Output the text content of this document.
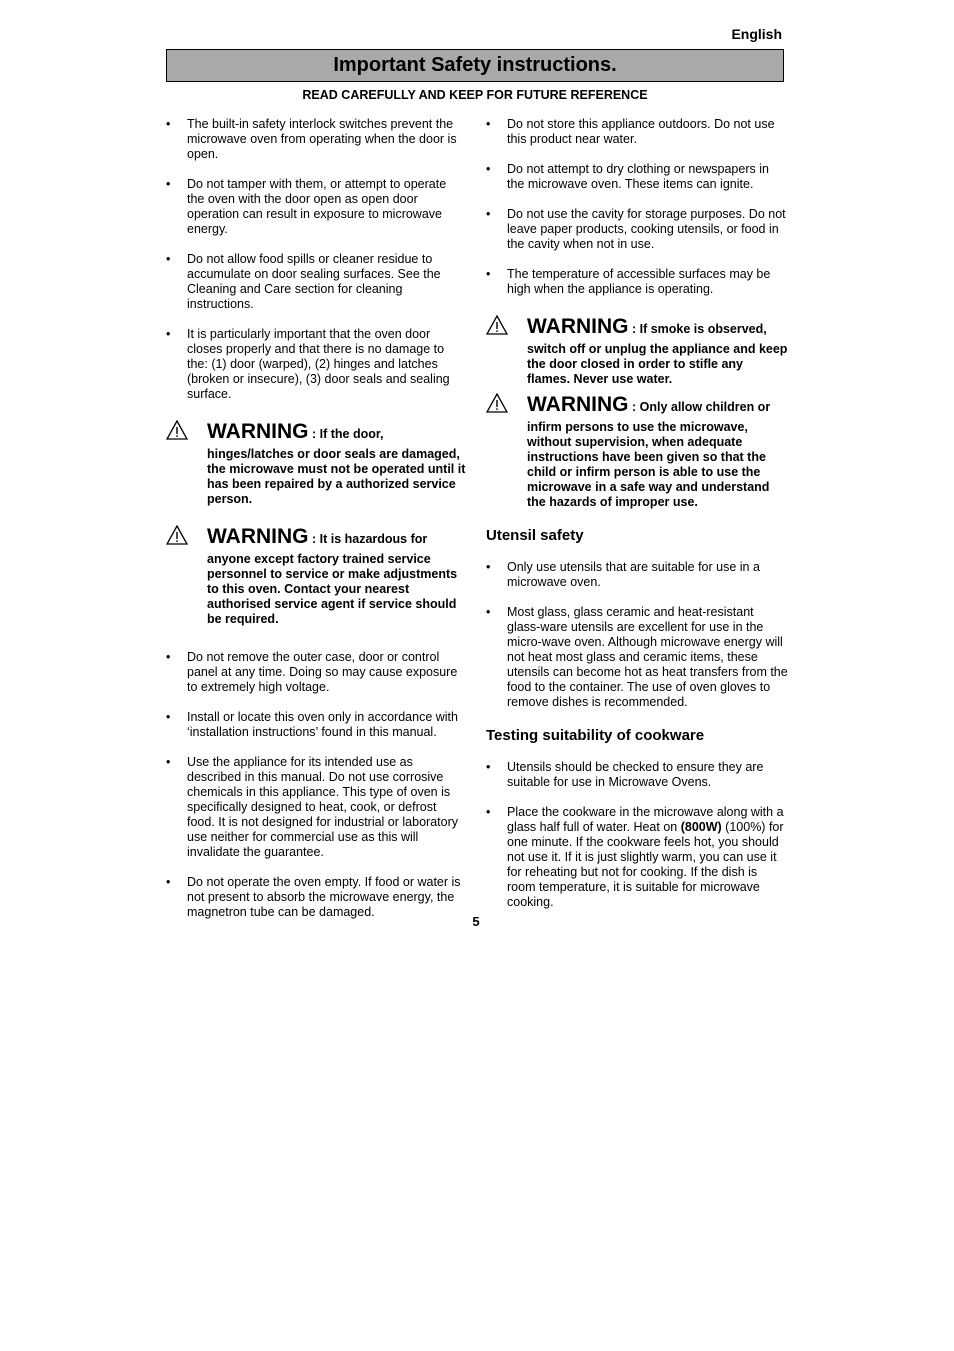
English
Important Safety instructions.
READ CAREFULLY AND KEEP FOR FUTURE REFERENCE
• The built-in safety interlock switches prevent the microwave oven from operating when the door is open.
• Do not tamper with them, or attempt to operate the oven with the door open as open door operation can result in exposure to microwave energy.
• Do not allow food spills or cleaner residue to accumulate on door sealing surfaces. See the Cleaning and Care section for cleaning instructions.
• It is particularly important that the oven door closes properly and that there is no damage to the: (1) door (warped), (2) hinges and latches (broken or insecure), (3) door seals and sealing surface.
WARNING : If the door,
hinges/latches or door seals are damaged, the microwave must not be operated until it has been repaired by a authorized service person.
WARNING : It is hazardous for
anyone except factory trained service personnel to service or make adjustments to this oven. Contact your nearest authorised service agent if service should be required.
• Do not remove the outer case, door or control panel at any time. Doing so may cause exposure to extremely high voltage.
• Install or locate this oven only in accordance with ‘installation instructions’ found in this manual.
• Use the appliance for its intended use as described in this manual. Do not use corrosive chemicals in this appliance. This type of oven is specifically designed to heat, cook, or defrost food. It is not designed for industrial or laboratory use neither for commercial use as this will invalidate the guarantee.
• Do not operate the oven empty. If food or water is not present to absorb the microwave energy, the magnetron tube can be damaged.
• Do not store this appliance outdoors. Do not use this product near water.
• Do not attempt to dry clothing or newspapers in the microwave oven. These items can ignite.
• Do not use the cavity for storage purposes. Do not leave paper products, cooking utensils, or food in the cavity when not in use.
• The temperature of accessible surfaces may be high when the appliance is operating.
WARNING : If smoke is observed,
switch off or unplug the appliance and keep the door closed in order to stifle any flames. Never use water.
WARNING : Only allow children or
infirm persons to use the microwave, without supervision, when adequate instructions have been given so that the child or infirm person is able to use the microwave in a safe way and understand the hazards of improper use.
Utensil safety
• Only use utensils that are suitable for use in a microwave oven.
• Most glass, glass ceramic and heat-resistant glass-ware utensils are excellent for use in the micro-wave oven. Although microwave energy will not heat most glass and ceramic items, these utensils can become hot as heat transfers from the food to the container. The use of oven gloves to remove dishes is recommended.
Testing suitability of cookware
• Utensils should be checked to ensure they are suitable for use in Microwave Ovens.
• Place the cookware in the microwave along with a glass half full of water. Heat on (800W) (100%) for one minute. If the cookware feels hot, you should not use it. If it is just slightly warm, you can use it for reheating but not for cooking. If the dish is room temperature, it is suitable for microwave cooking.
5
